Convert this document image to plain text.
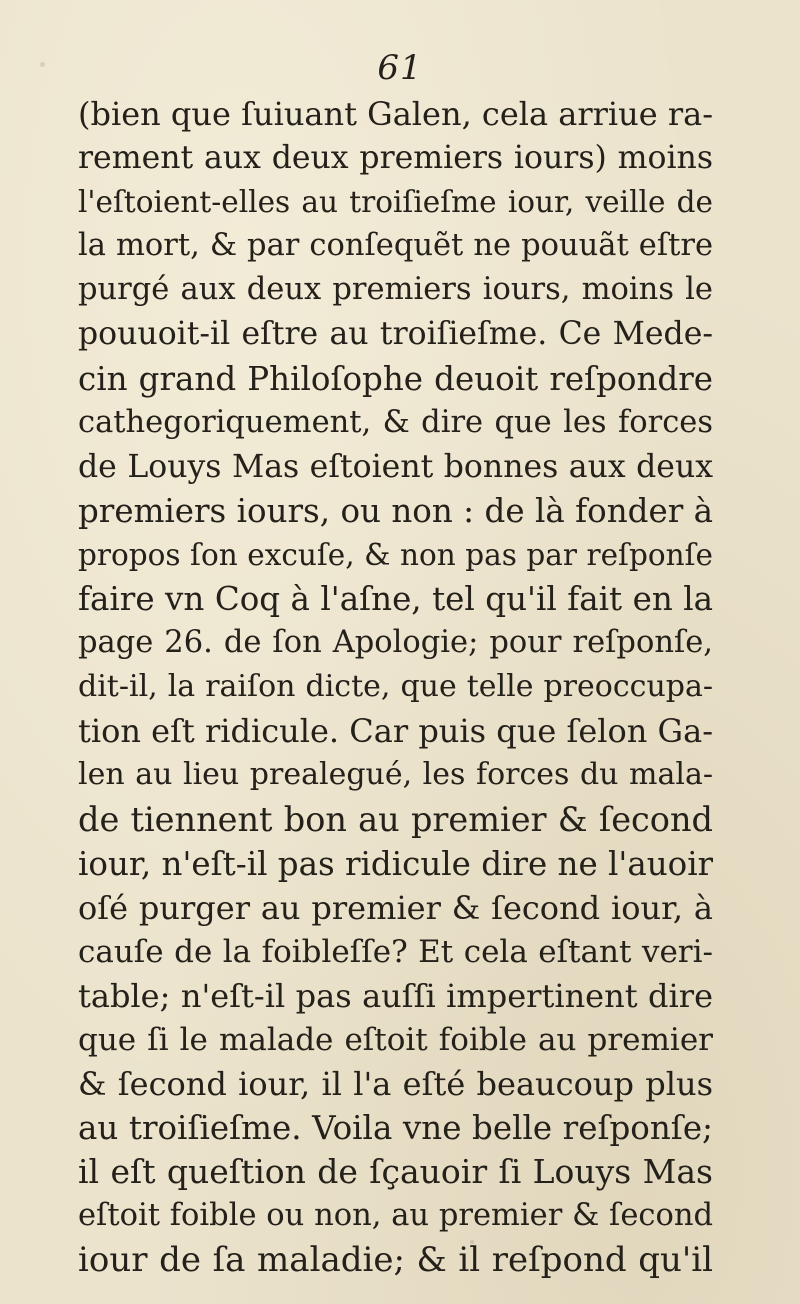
61
(bien que ſuiuant Galen, cela arriue ra-
rement aux deux premiers iours) moins
l'eſtoient-elles au troiſieſme iour, veille de
la mort, & par conſequẽt ne pouuãt eſtre
purgé aux deux premiers iours, moins le
pouuoit-il eſtre au troiſieſme. Ce Mede-
cin grand Philoſophe deuoit reſpondre
cathegoriquement, & dire que les forces
de Louys Mas eſtoient bonnes aux deux
premiers iours, ou non : de là fonder à
propos ſon excuſe, & non pas par reſponſe
faire vn Coq à l'aſne, tel qu'il fait en la
page 26. de ſon Apologie; pour reſponſe,
dit-il, la raiſon dicte, que telle preoccupa-
tion eſt ridicule. Car puis que ſelon Ga-
len au lieu prealegué, les forces du mala-
de tiennent bon au premier & ſecond
iour, n'eſt-il pas ridicule dire ne l'auoir
oſé purger au premier & ſecond iour, à
cauſe de la foibleſſe? Et cela eſtant veri-
table; n'eſt-il pas auſſi impertinent dire
que ſi le malade eſtoit foible au premier
& ſecond iour, il l'a eſté beaucoup plus
au troiſieſme. Voila vne belle reſponſe;
il eſt queſtion de ſçauoir ſi Louys Mas
eſtoit foible ou non, au premier & ſecond
iour de ſa maladie; & il reſpond qu'il
